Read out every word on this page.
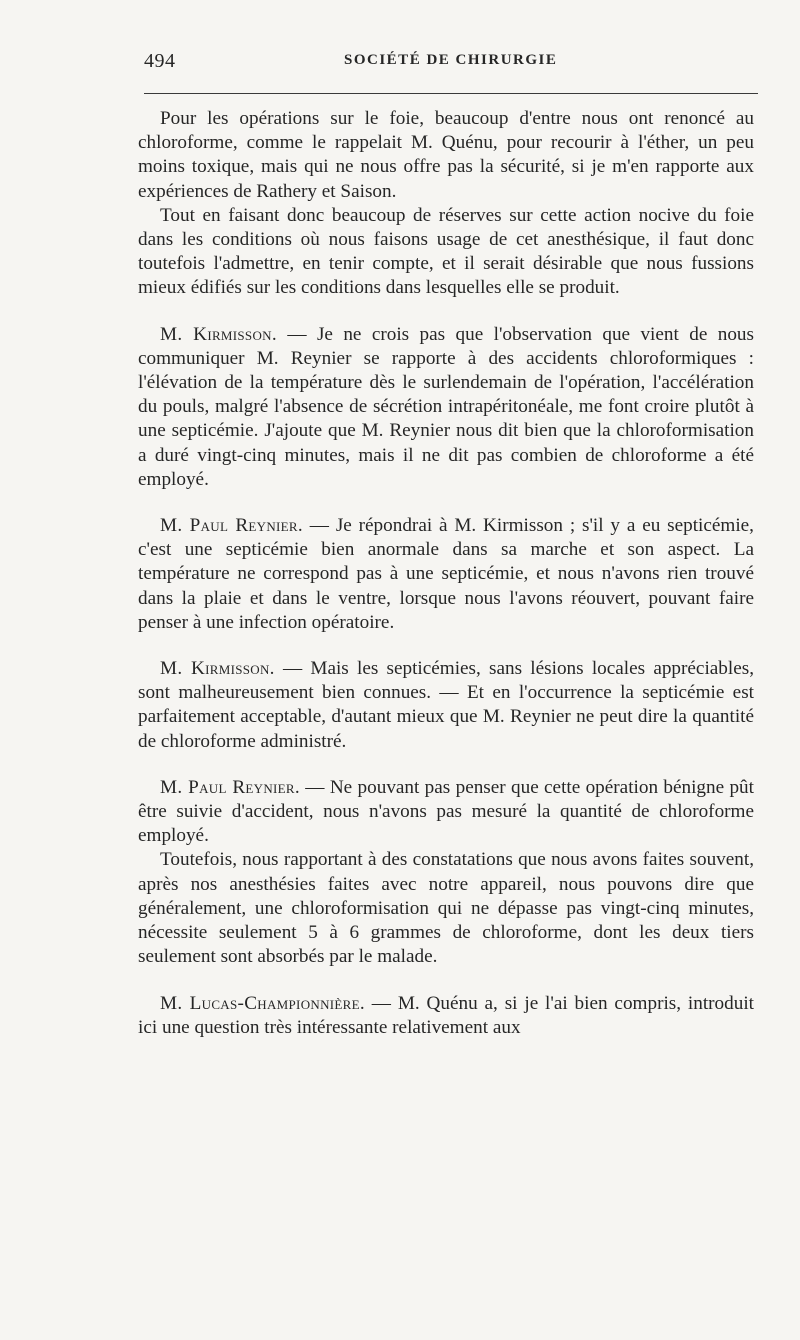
494	SOCIÉTÉ DE CHIRURGIE

Pour les opérations sur le foie, beaucoup d'entre nous ont renoncé au chloroforme, comme le rappelait M. Quénu, pour recourir à l'éther, un peu moins toxique, mais qui ne nous offre pas la sécurité, si je m'en rapporte aux expériences de Rathery et Saison.

Tout en faisant donc beaucoup de réserves sur cette action nocive du foie dans les conditions où nous faisons usage de cet anesthésique, il faut donc toutefois l'admettre, en tenir compte, et il serait désirable que nous fussions mieux édifiés sur les conditions dans lesquelles elle se produit.

M. Kirmisson. — Je ne crois pas que l'observation que vient de nous communiquer M. Reynier se rapporte à des accidents chloroformiques : l'élévation de la température dès le surlendemain de l'opération, l'accélération du pouls, malgré l'absence de sécrétion intrapéritonéale, me font croire plutôt à une septicémie. J'ajoute que M. Reynier nous dit bien que la chloroformisation a duré vingt-cinq minutes, mais il ne dit pas combien de chloroforme a été employé.

M. Paul Reynier. — Je répondrai à M. Kirmisson ; s'il y a eu septicémie, c'est une septicémie bien anormale dans sa marche et son aspect. La température ne correspond pas à une septicémie, et nous n'avons rien trouvé dans la plaie et dans le ventre, lorsque nous l'avons réouvert, pouvant faire penser à une infection opératoire.

M. Kirmisson. — Mais les septicémies, sans lésions locales appréciables, sont malheureusement bien connues. — Et en l'occurrence la septicémie est parfaitement acceptable, d'autant mieux que M. Reynier ne peut dire la quantité de chloroforme administré.

M. Paul Reynier. — Ne pouvant pas penser que cette opération bénigne pût être suivie d'accident, nous n'avons pas mesuré la quantité de chloroforme employé.

Toutefois, nous rapportant à des constatations que nous avons faites souvent, après nos anesthésies faites avec notre appareil, nous pouvons dire que généralement, une chloroformisation qui ne dépasse pas vingt-cinq minutes, nécessite seulement 5 à 6 grammes de chloroforme, dont les deux tiers seulement sont absorbés par le malade.

M. Lucas-Championnière. — M. Quénu a, si je l'ai bien compris, introduit ici une question très intéressante relativement aux
